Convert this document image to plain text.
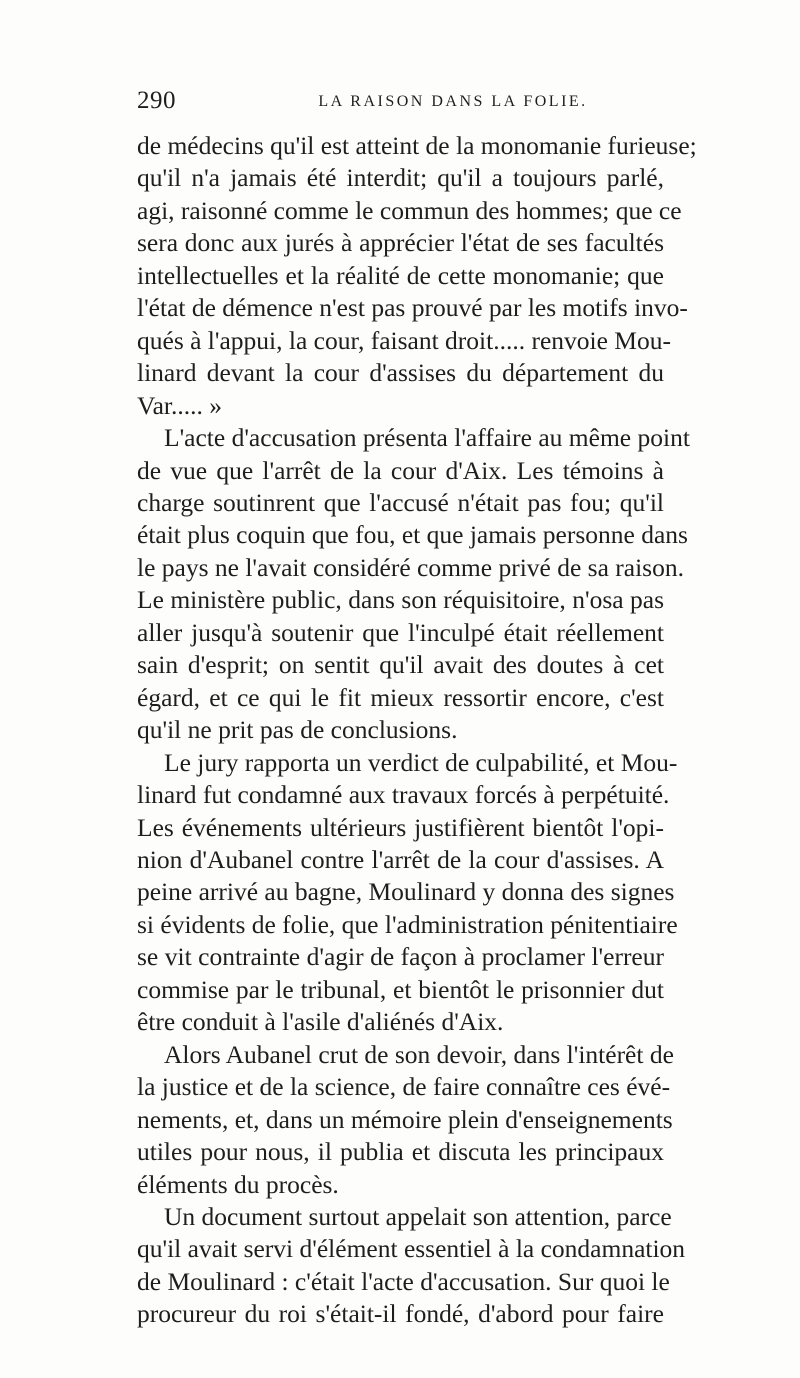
290	LA RAISON DANS LA FOLIE.
de médecins qu'il est atteint de la monomanie furieuse;
qu'il n'a jamais été interdit; qu'il a toujours parlé,
agi, raisonné comme le commun des hommes; que ce
sera donc aux jurés à apprécier l'état de ses facultés
intellectuelles et la réalité de cette monomanie; que
l'état de démence n'est pas prouvé par les motifs invo-
qués à l'appui, la cour, faisant droit..... renvoie Mou-
linard devant la cour d'assises du département du
Var..... »
L'acte d'accusation présenta l'affaire au même point
de vue que l'arrêt de la cour d'Aix. Les témoins à
charge soutinrent que l'accusé n'était pas fou; qu'il
était plus coquin que fou, et que jamais personne dans
le pays ne l'avait considéré comme privé de sa raison.
Le ministère public, dans son réquisitoire, n'osa pas
aller jusqu'à soutenir que l'inculpé était réellement
sain d'esprit; on sentit qu'il avait des doutes à cet
égard, et ce qui le fit mieux ressortir encore, c'est
qu'il ne prit pas de conclusions.
Le jury rapporta un verdict de culpabilité, et Mou-
linard fut condamné aux travaux forcés à perpétuité.
Les événements ultérieurs justifièrent bientôt l'opi-
nion d'Aubanel contre l'arrêt de la cour d'assises. A
peine arrivé au bagne, Moulinard y donna des signes
si évidents de folie, que l'administration pénitentiaire
se vit contrainte d'agir de façon à proclamer l'erreur
commise par le tribunal, et bientôt le prisonnier dut
être conduit à l'asile d'aliénés d'Aix.
Alors Aubanel crut de son devoir, dans l'intérêt de
la justice et de la science, de faire connaître ces évé-
nements, et, dans un mémoire plein d'enseignements
utiles pour nous, il publia et discuta les principaux
éléments du procès.
Un document surtout appelait son attention, parce
qu'il avait servi d'élément essentiel à la condamnation
de Moulinard : c'était l'acte d'accusation. Sur quoi le
procureur du roi s'était-il fondé, d'abord pour faire
